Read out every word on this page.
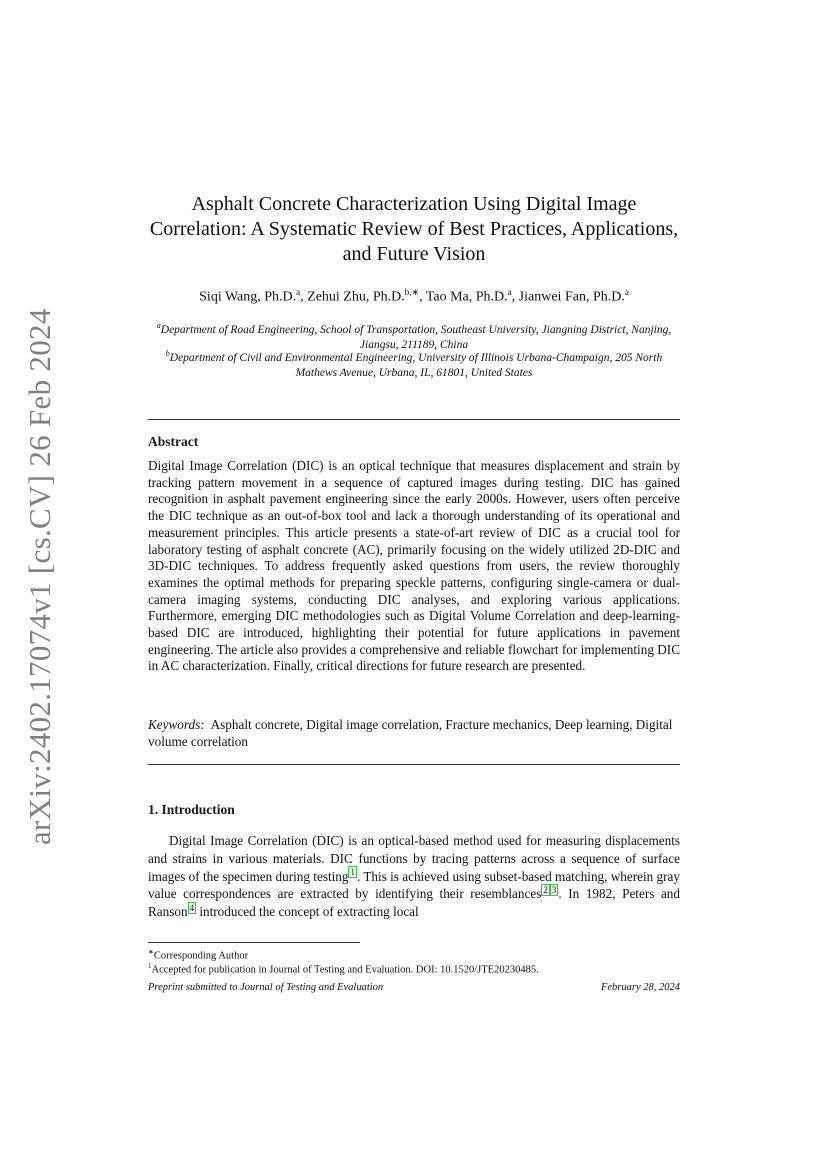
arXiv:2402.17074v1 [cs.CV] 26 Feb 2024
Asphalt Concrete Characterization Using Digital Image Correlation: A Systematic Review of Best Practices, Applications, and Future Vision
Siqi Wang, Ph.D.$^a$, Zehui Zhu, Ph.D.$^{b,∗}$, Tao Ma, Ph.D.$^a$, Jianwei Fan, Ph.D.$^a$
$^a$Department of Road Engineering, School of Transportation, Southeast University, Jiangning District, Nanjing, Jiangsu, 211189, China
$^b$Department of Civil and Environmental Engineering, University of Illinois Urbana-Champaign, 205 North Mathews Avenue, Urbana, IL, 61801, United States
Abstract
Digital Image Correlation (DIC) is an optical technique that measures displacement and strain by tracking pattern movement in a sequence of captured images during testing. DIC has gained recognition in asphalt pavement engineering since the early 2000s. However, users often perceive the DIC technique as an out-of-box tool and lack a thorough understanding of its operational and measurement principles. This article presents a state-of-art review of DIC as a crucial tool for laboratory testing of asphalt concrete (AC), primarily focusing on the widely utilized 2D-DIC and 3D-DIC techniques. To address frequently asked questions from users, the review thoroughly examines the optimal methods for preparing speckle patterns, configuring single-camera or dual-camera imaging systems, conducting DIC analyses, and exploring various applications. Furthermore, emerging DIC methodologies such as Digital Volume Correlation and deep-learning-based DIC are introduced, highlighting their potential for future applications in pavement engineering. The article also provides a comprehensive and reliable flowchart for implementing DIC in AC characterization. Finally, critical directions for future research are presented.
Keywords: Asphalt concrete, Digital image correlation, Fracture mechanics, Deep learning, Digital volume correlation
1. Introduction
Digital Image Correlation (DIC) is an optical-based method used for measuring displacements and strains in various materials. DIC functions by tracing patterns across a sequence of surface images of the specimen during testing $^1$ . This is achieved using subset-based matching, wherein gray value correspondences are extracted by identifying their resemblances $^2$ $^3$ . In 1982, Peters and Ranson $^4$ introduced the concept of extracting local
∗Corresponding Author
$^1$Accepted for publication in Journal of Testing and Evaluation. DOI: 10.1520/JTE20230485.
Preprint submitted to Journal of Testing and Evaluation	February 28, 2024
